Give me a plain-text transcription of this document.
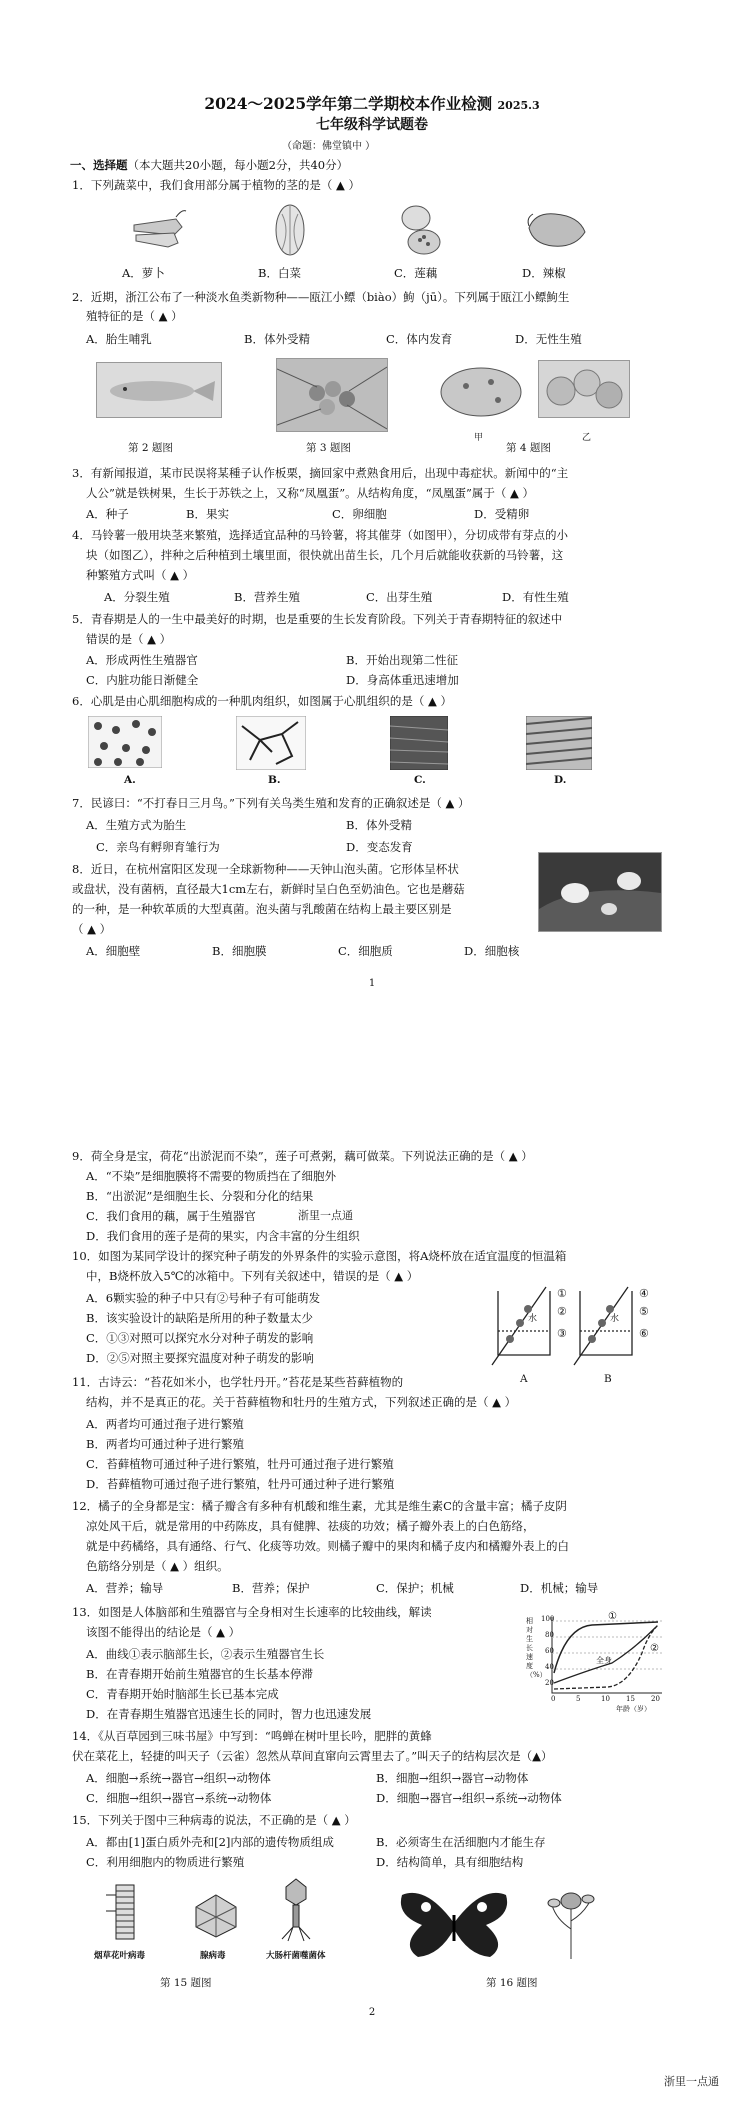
2024～2025学年第二学期校本作业检测 2025.3
七年级科学试题卷
（命题：佛堂镇中 ）
一、选择题（本大题共20小题，每小题2分，共40分）
1．下列蔬菜中，我们食用部分属于植物的茎的是（ ▲ ）
A．萝卜	B．白菜	C．莲藕	D．辣椒
2．近期，浙江公布了一种淡水鱼类新物种——瓯江小鳔（biào）鮈（jū）。下列属于瓯江小鳔鮈生
殖特征的是（ ▲ ）
A．胎生哺乳	B．体外受精	C．体内发育	D．无性生殖
第 2 题图	第 3 题图
甲
第 4 题图
乙
3．有新闻报道，某市民误将某種子认作板栗，摘回家中煮熟食用后，出现中毒症状。新闻中的“主
人公”就是铁树果，生长于苏铁之上，又称“凤凰蛋”。从结构角度，“凤凰蛋”属于（ ▲ ）
A．种子	B．果实	C．卵细胞	D．受精卵
4．马铃薯一般用块茎来繁殖，选择适宜品种的马铃薯，将其催芽（如图甲），分切成带有芽点的小
块（如图乙），拌种之后种植到土壤里面，很快就出苗生长，几个月后就能收获新的马铃薯，这
种繁殖方式叫（ ▲ ）
A．分裂生殖	B．营养生殖	C．出芽生殖	D．有性生殖
5．青春期是人的一生中最美好的时期，也是重要的生长发育阶段。下列关于青春期特征的叙述中
错误的是（ ▲ ）
A．形成两性生殖器官	B．开始出现第二性征
C．内脏功能日渐健全	D．身高体重迅速增加
6．心肌是由心肌细胞构成的一种肌肉组织，如图属于心肌组织的是（ ▲ ）
A.	B.	C.	D.
7．民谚曰：“不打春日三月鸟。”下列有关鸟类生殖和发育的正确叙述是（ ▲ ）
A．生殖方式为胎生	B．体外受精
C．亲鸟有孵卵育雏行为	D．变态发育
8．近日，在杭州富阳区发现一全球新物种——天钟山泡头菌。它形体呈杯状
或盘状，没有菌柄，直径最大1cm左右，新鲜时呈白色至奶油色。它也是蘑菇
的一种，是一种软革质的大型真菌。泡头菌与乳酸菌在结构上最主要区别是
（ ▲ ）
A．细胞壁	B．细胞膜	C．细胞质	D．细胞核
1
9．荷全身是宝，荷花“出淤泥而不染”，莲子可煮粥，藕可做菜。下列说法正确的是（ ▲ ）
A．“不染”是细胞膜将不需要的物质挡在了细胞外
B．“出淤泥”是细胞生长、分裂和分化的结果
C．我们食用的藕，属于生殖器官	浙里一点通
D．我们食用的莲子是荷的果实，内含丰富的分生组织
10．如图为某同学设计的探究种子萌发的外界条件的实验示意图，将A烧杯放在适宜温度的恒温箱
中，B烧杯放入5℃的冰箱中。下列有关叙述中，错误的是（ ▲ ）
A．6颗实验的种子中只有②号种子有可能萌发
B．该实验设计的缺陷是所用的种子数量太少
C．①③对照可以探究水分对种子萌发的影响
D．②⑤对照主要探究温度对种子萌发的影响
①
②
③
④
⑤
⑥
水	水
A	B
11．古诗云：“苔花如米小，也学牡丹开。”苔花是某些苔藓植物的
结构，并不是真正的花。关于苔藓植物和牡丹的生殖方式，下列叙述正确的是（ ▲ ）
A．两者均可通过孢子进行繁殖
B．两者均可通过种子进行繁殖
C．苔藓植物可通过种子进行繁殖，牡丹可通过孢子进行繁殖
D．苔藓植物可通过孢子进行繁殖，牡丹可通过种子进行繁殖
12．橘子的全身都是宝：橘子瓣含有多种有机酸和维生素，尤其是维生素C的含量丰富；橘子皮阴
凉处风干后，就是常用的中药陈皮，具有健脾、祛痰的功效；橘子瓣外表上的白色筋络，
就是中药橘络，具有通络、行气、化痰等功效。则橘子瓣中的果肉和橘子皮内和橘瓣外表上的白
色筋络分别是（ ▲ ）组织。
A．营养；输导	B．营养；保护	C．保护；机械	D．机械；输导
13．如图是人体脑部和生殖器官与全身相对生长速率的比较曲线，解读
该图不能得出的结论是（ ▲ ）
A．曲线①表示脑部生长，②表示生殖器官生长
B．在青春期开始前生殖器官的生长基本停滞
C．青春期开始时脑部生长已基本完成
D．在青春期生殖器官迅速生长的同时，智力也迅速发展
相对生长速度（%）
100
80
60
40
20
0	5	10 15 20
年龄（岁）
①
全身
②
14．《从百草园到三味书屋》中写到：“鸣蝉在树叶里长吟，肥胖的黄蜂
伏在菜花上，轻捷的叫天子（云雀）忽然从草间直窜向云霄里去了。”叫天子的结构层次是（▲）
A．细胞→系统→器官→组织→动物体	B．细胞→组织→器官→动物体
C．细胞→组织→器官→系统→动物体	D．细胞→器官→组织→系统→动物体
15．下列关于图中三种病毒的说法，不正确的是（ ▲ ）
A．都由[1]蛋白质外壳和[2]内部的遗传物质组成	B．必须寄生在活细胞内才能生存
C．利用细胞内的物质进行繁殖	D．结构简单，具有细胞结构
烟草花叶病毒	腺病毒	大肠杆菌噬菌体
第 15 题图	第 16 题图
2
浙里一点通
